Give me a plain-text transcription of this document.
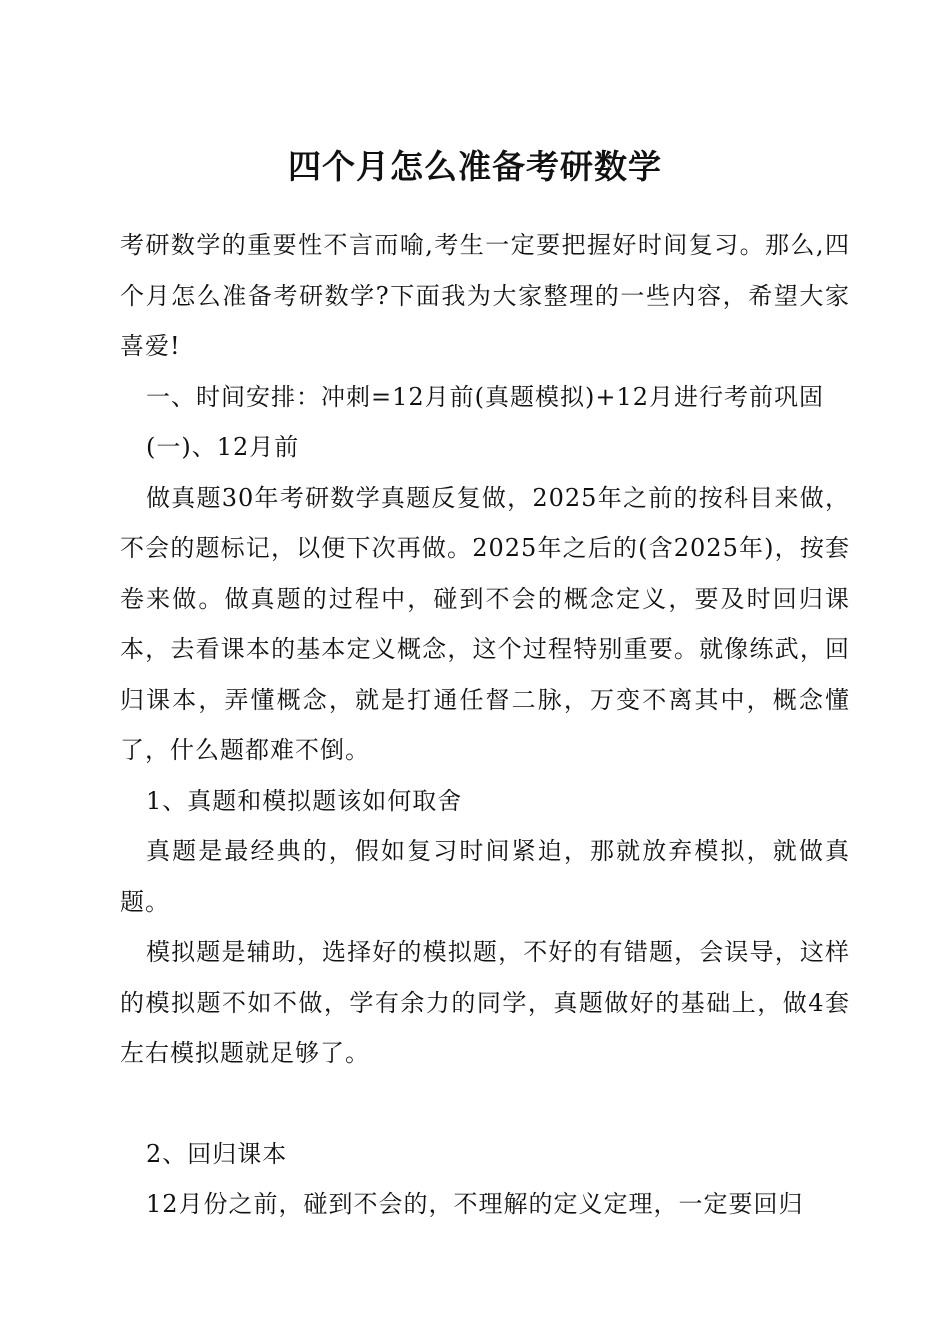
四个月怎么准备考研数学

考研数学的重要性不言而喻,考生一定要把握好时间复习。那么,四个月怎么准备考研数学?下面我为大家整理的一些内容，希望大家喜爱!

一、时间安排：冲刺=12月前(真题模拟)+12月进行考前巩固

(一)、12月前

做真题30年考研数学真题反复做，2025年之前的按科目来做，不会的题标记，以便下次再做。2025年之后的(含2025年)，按套卷来做。做真题的过程中，碰到不会的概念定义，要及时回归课本，去看课本的基本定义概念，这个过程特别重要。就像练武，回归课本，弄懂概念，就是打通任督二脉，万变不离其中，概念懂了，什么题都难不倒。

1、真题和模拟题该如何取舍

真题是最经典的，假如复习时间紧迫，那就放弃模拟，就做真题。

模拟题是辅助，选择好的模拟题，不好的有错题，会误导，这样的模拟题不如不做，学有余力的同学，真题做好的基础上，做4套左右模拟题就足够了。

2、回归课本

12月份之前，碰到不会的，不理解的定义定理，一定要回归
